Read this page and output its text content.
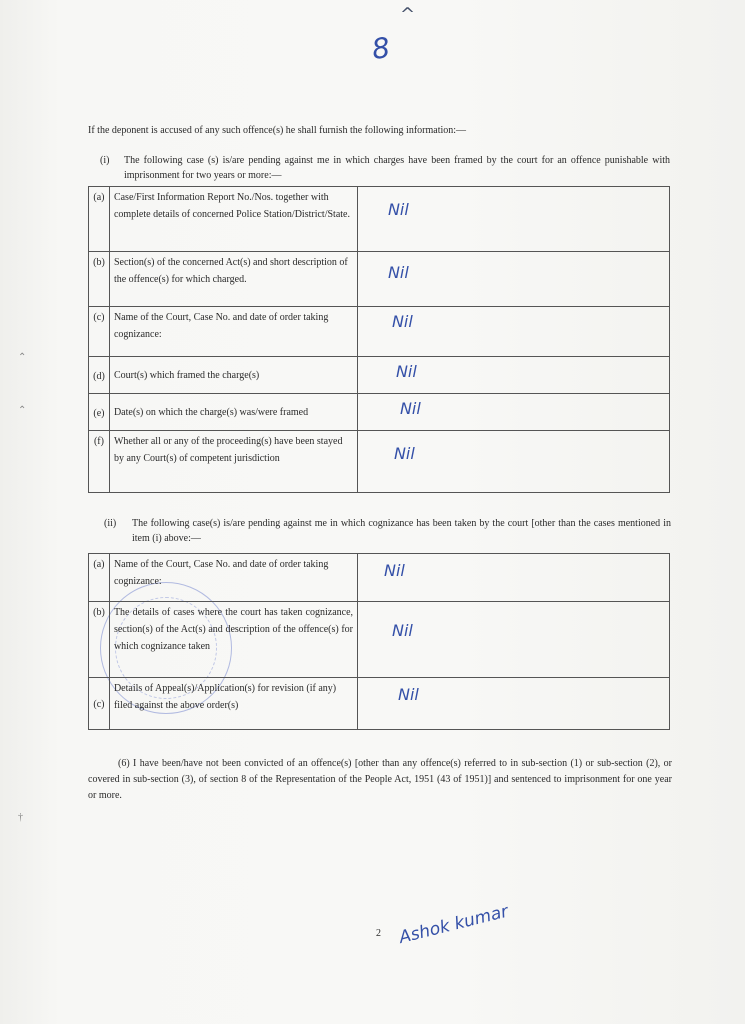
^
8
If the deponent is accused of any such offence(s) he shall furnish the following information:—
(i) The following case (s) is/are pending against me in which charges have been framed by the court for an offence punishable with imprisonment for two years or more:—
(a)	Case/First Information Report No./Nos. together with complete details of concerned Police Station/District/State.	Nil

(b)	Section(s) of the concerned Act(s) and short description of the offence(s) for which charged.	Nil

(c)	Name of the Court, Case No. and date of order taking cognizance:	Nil

(d)	Court(s) which framed the charge(s)	Nil

(e)	Date(s) on which the charge(s) was/were framed	Nil

(f)	Whether all or any of the proceeding(s) have been stayed by any Court(s) of competent jurisdiction	Nil
(ii) The following case(s) is/are pending against me in which cognizance has been taken by the court [other than the cases mentioned in item (i) above:—
(a)	Name of the Court, Case No. and date of order taking cognizance:	Nil

(b)	The details of cases where the court has taken cognizance, section(s) of the Act(s) and description of the offence(s) for which cognizance taken	Nil

(c)	Details of Appeal(s)/Application(s) for revision (if any) filed against the above order(s)	Nil
(6) I have been/have not been convicted of an offence(s) [other than any offence(s) referred to in sub-section (1) or sub-section (2), or covered in sub-section (3), of section 8 of the Representation of the People Act, 1951 (43 of 1951)] and sentenced to imprisonment for one year or more.
2 Ashok kumar
⌃
⌃
†
